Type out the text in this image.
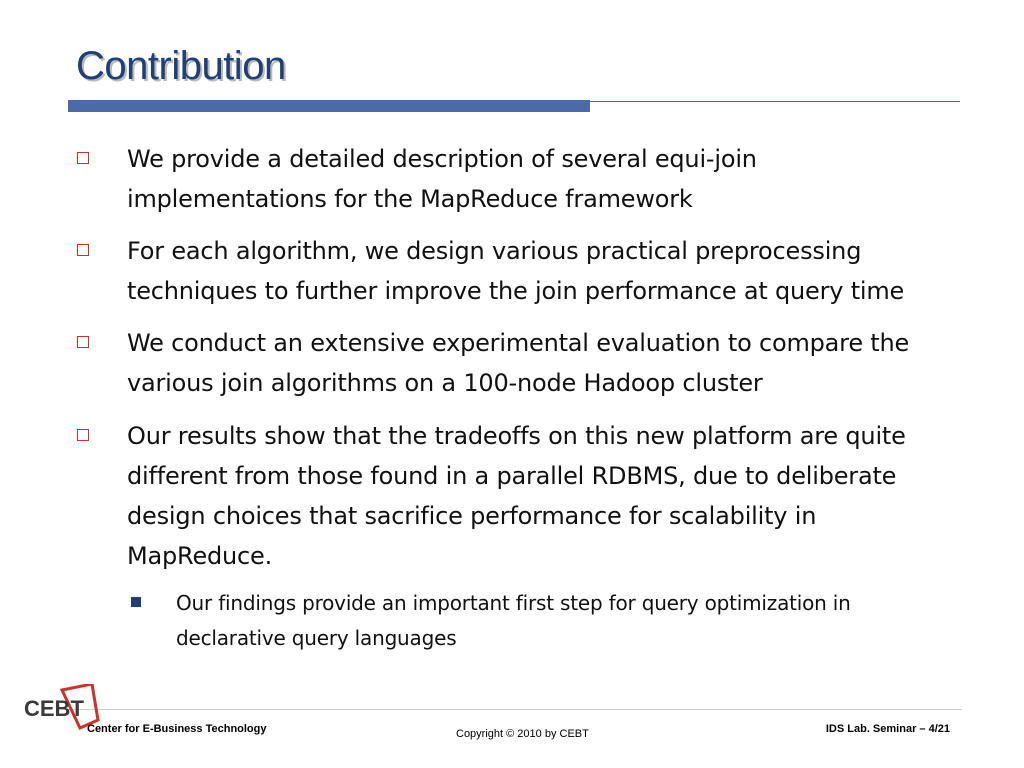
Contribution
We provide a detailed description of several equi-join implementations for the MapReduce framework
For each algorithm, we design various practical preprocessing techniques to further improve the join performance at query time
We conduct an extensive experimental evaluation to compare the various join algorithms on a 100-node Hadoop cluster
Our results show that the tradeoffs on this new platform are quite different from those found in a parallel RDBMS, due to deliberate design choices that sacrifice performance for scalability in MapReduce.
Our findings provide an important first step for query optimization in declarative query languages
CEBT
Center for E-Business Technology	Copyright © 2010 by CEBT	IDS Lab. Seminar – 4/21
